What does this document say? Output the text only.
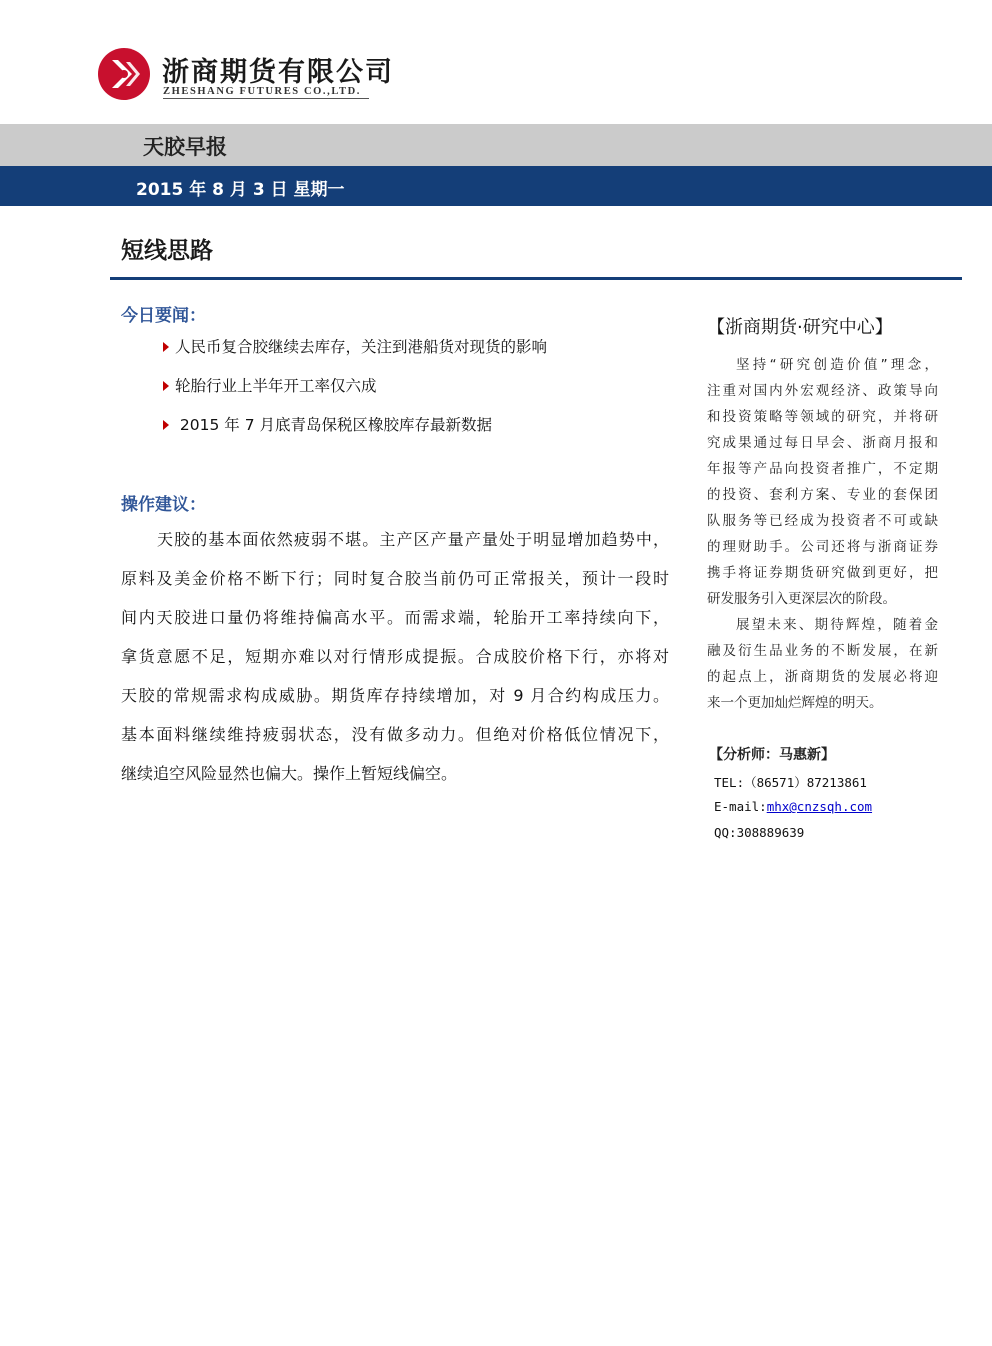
浙商期货有限公司
ZHESHANG FUTURES CO.,LTD.
天胶早报
2015 年 8 月 3 日 星期一
短线思路
今日要闻：
人民币复合胶继续去库存，关注到港船货对现货的影响
轮胎行业上半年开工率仅六成
2015 年 7 月底青岛保税区橡胶库存最新数据
操作建议：
天胶的基本面依然疲弱不堪。主产区产量产量处于明显增加趋势中，
原料及美金价格不断下行；同时复合胶当前仍可正常报关，预计一段时
间内天胶进口量仍将维持偏高水平。而需求端，轮胎开工率持续向下，
拿货意愿不足，短期亦难以对行情形成提振。合成胶价格下行，亦将对
天胶的常规需求构成威胁。期货库存持续增加，对 9 月合约构成压力。
基本面料继续维持疲弱状态，没有做多动力。但绝对价格低位情况下，
继续追空风险显然也偏大。操作上暂短线偏空。
【浙商期货·研究中心】
坚持“研究创造价值”理念，
注重对国内外宏观经济、政策导向
和投资策略等领域的研究，并将研
究成果通过每日早会、浙商月报和
年报等产品向投资者推广，不定期
的投资、套利方案、专业的套保团
队服务等已经成为投资者不可或缺
的理财助手。公司还将与浙商证券
携手将证券期货研究做到更好，把
研发服务引入更深层次的阶段。
展望未来、期待辉煌，随着金
融及衍生品业务的不断发展，在新
的起点上，浙商期货的发展必将迎
来一个更加灿烂辉煌的明天。
【分析师：马惠新】
TEL:（86571）87213861
E-mail:mhx@cnzsqh.com
QQ:308889639
